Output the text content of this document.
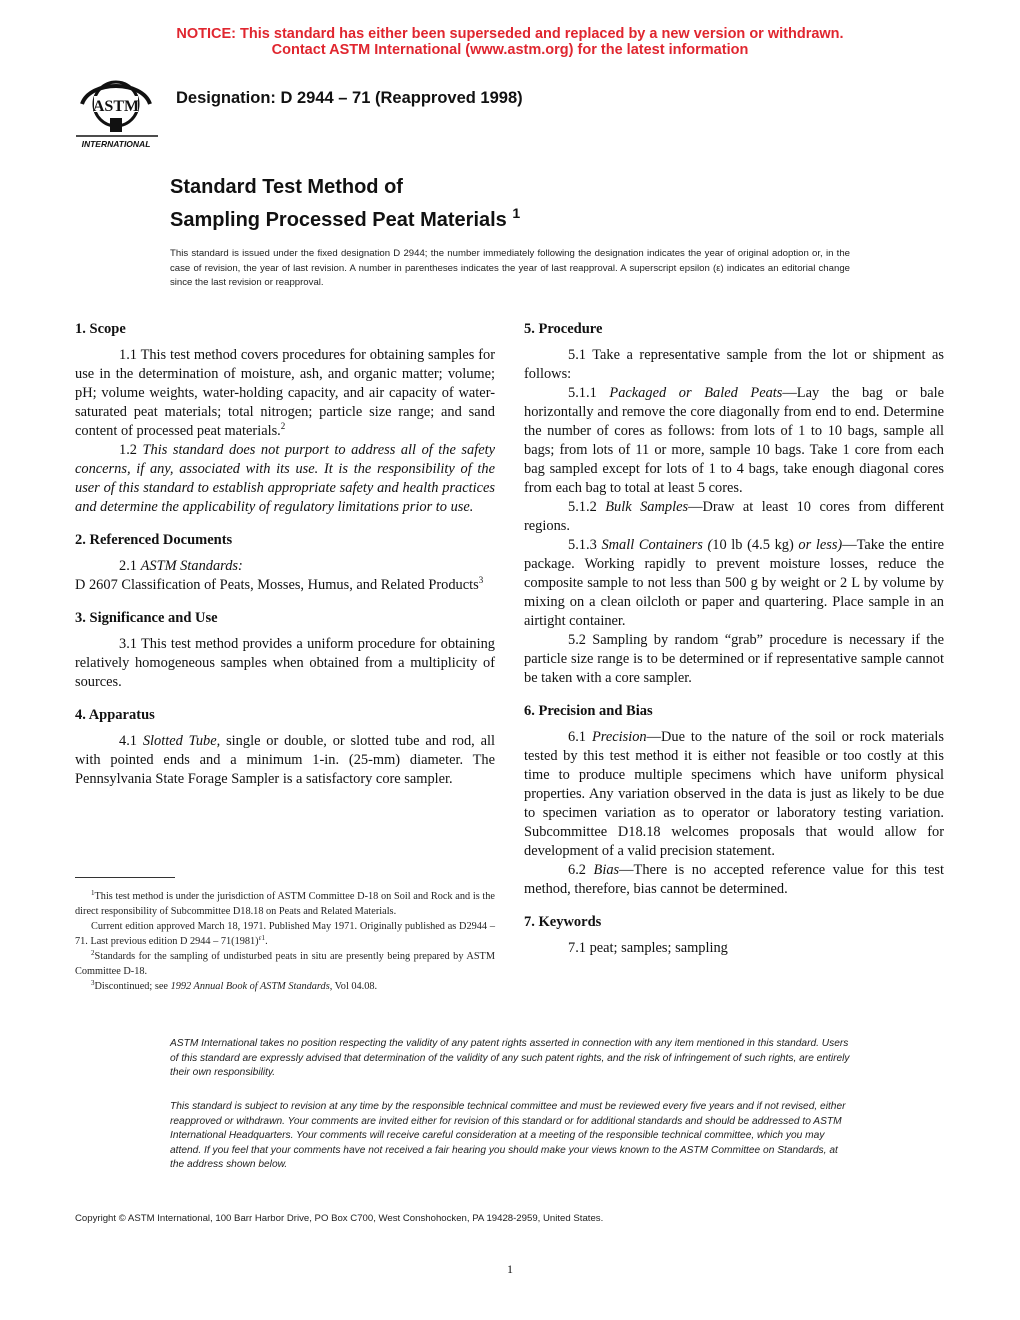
NOTICE: This standard has either been superseded and replaced by a new version or withdrawn.
Contact ASTM International (www.astm.org) for the latest information
ASTM
INTERNATIONAL
Designation: D 2944 – 71 (Reapproved 1998)
Standard Test Method of
Sampling Processed Peat Materials $^1$
This standard is issued under the fixed designation D 2944; the number immediately following the designation indicates the year of original adoption or, in the case of revision, the year of last revision. A number in parentheses indicates the year of last reapproval. A superscript epsilon (ε) indicates an editorial change since the last revision or reapproval.
1. Scope

1.1 This test method covers procedures for obtaining samples for use in the determination of moisture, ash, and organic matter; volume; pH; volume weights, water-holding capacity, and air capacity of water-saturated peat materials; total nitrogen; particle size range; and sand content of processed peat materials.$^2$

1.2 This standard does not purport to address all of the safety concerns, if any, associated with its use. It is the responsibility of the user of this standard to establish appropriate safety and health practices and determine the applicability of regulatory limitations prior to use.

2. Referenced Documents

2.1 ASTM Standards:

D 2607 Classification of Peats, Mosses, Humus, and Related Products$^3$

3. Significance and Use

3.1 This test method provides a uniform procedure for obtaining relatively homogeneous samples when obtained from a multiplicity of sources.

4. Apparatus

4.1 Slotted Tube, single or double, or slotted tube and rod, all with pointed ends and a minimum 1-in. (25-mm) diameter. The Pennsylvania State Forage Sampler is a satisfactory core sampler.

5. Procedure

5.1 Take a representative sample from the lot or shipment as follows:

5.1.1 Packaged or Baled Peats—Lay the bag or bale horizontally and remove the core diagonally from end to end. Determine the number of cores as follows: from lots of 1 to 10 bags, sample all bags; from lots of 11 or more, sample 10 bags. Take 1 core from each bag sampled except for lots of 1 to 4 bags, take enough diagonal cores from each bag to total at least 5 cores.

5.1.2 Bulk Samples—Draw at least 10 cores from different regions.

5.1.3 Small Containers (10 lb (4.5 kg) or less)—Take the entire package. Working rapidly to prevent moisture losses, reduce the composite sample to not less than 500 g by weight or 2 L by volume by mixing on a clean oilcloth or paper and quartering. Place sample in an airtight container.

5.2 Sampling by random “grab” procedure is necessary if the particle size range is to be determined or if representative sample cannot be taken with a core sampler.

6. Precision and Bias

6.1 Precision—Due to the nature of the soil or rock materials tested by this test method it is either not feasible or too costly at this time to produce multiple specimens which have uniform physical properties. Any variation observed in the data is just as likely to be due to specimen variation as to operator or laboratory testing variation. Subcommittee D18.18 welcomes proposals that would allow for development of a valid precision statement.

6.2 Bias—There is no accepted reference value for this test method, therefore, bias cannot be determined.

7. Keywords

7.1 peat; samples; sampling

$^1$This test method is under the jurisdiction of ASTM Committee D-18 on Soil and Rock and is the direct responsibility of Subcommittee D18.18 on Peats and Related Materials.

Current edition approved March 18, 1971. Published May 1971. Originally published as D2944 – 71. Last previous edition D $2944 - 71(1981)^{\varepsilon 1}$.

$^2$Standards for the sampling of undisturbed peats in situ are presently being prepared by ASTM Committee D-18.

$^3$Discontinued; see 1992 Annual Book of ASTM Standards, Vol 04.08.

ASTM International takes no position respecting the validity of any patent rights asserted in connection with any item mentioned in this standard. Users of this standard are expressly advised that determination of the validity of any such patent rights, and the risk of infringement of such rights, are entirely their own responsibility.
This standard is subject to revision at any time by the responsible technical committee and must be reviewed every five years and if not revised, either reapproved or withdrawn. Your comments are invited either for revision of this standard or for additional standards and should be addressed to ASTM International Headquarters. Your comments will receive careful consideration at a meeting of the responsible technical committee, which you may attend. If you feel that your comments have not received a fair hearing you should make your views known to the ASTM Committee on Standards, at the address shown below.
Copyright © ASTM International, 100 Barr Harbor Drive, PO Box C700, West Conshohocken, PA 19428-2959, United States.
1
